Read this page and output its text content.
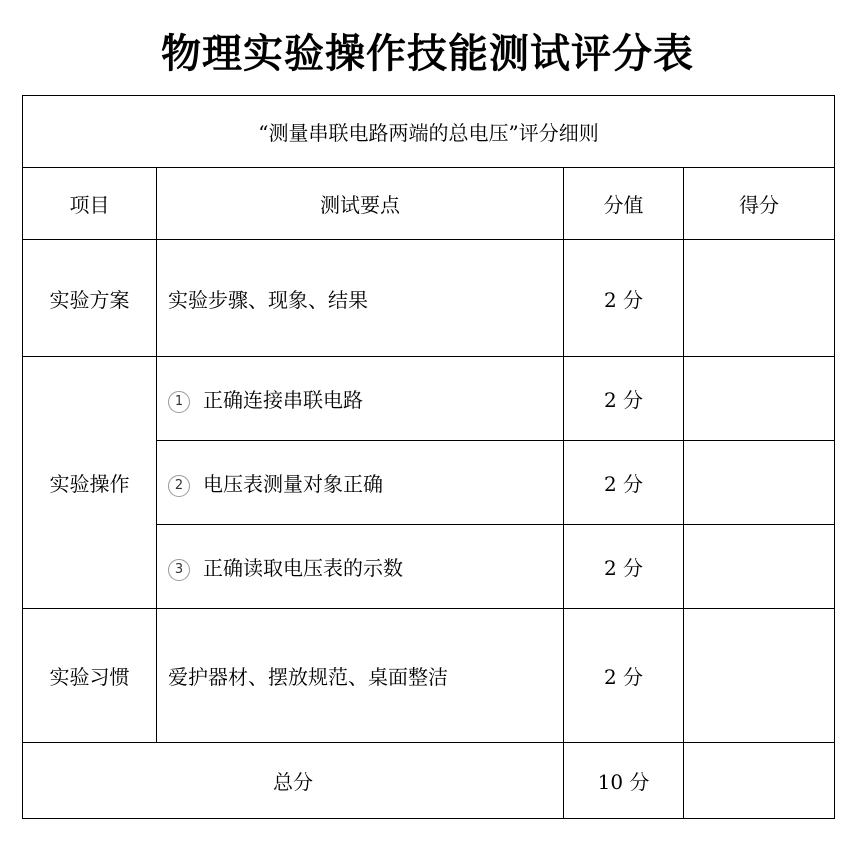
物理实验操作技能测试评分表
“测量串联电路两端的总电压”评分细则			
项目	测试要点	分值	得分
实验方案	实验步骤、现象、结果	2 分	
实验操作	1 正确连接串联电路	2 分	
	2 电压表测量对象正确	2 分	
	3 正确读取电压表的示数	2 分	
实验习惯	爱护器材、摆放规范、桌面整洁	2 分	
总分		10 分	
